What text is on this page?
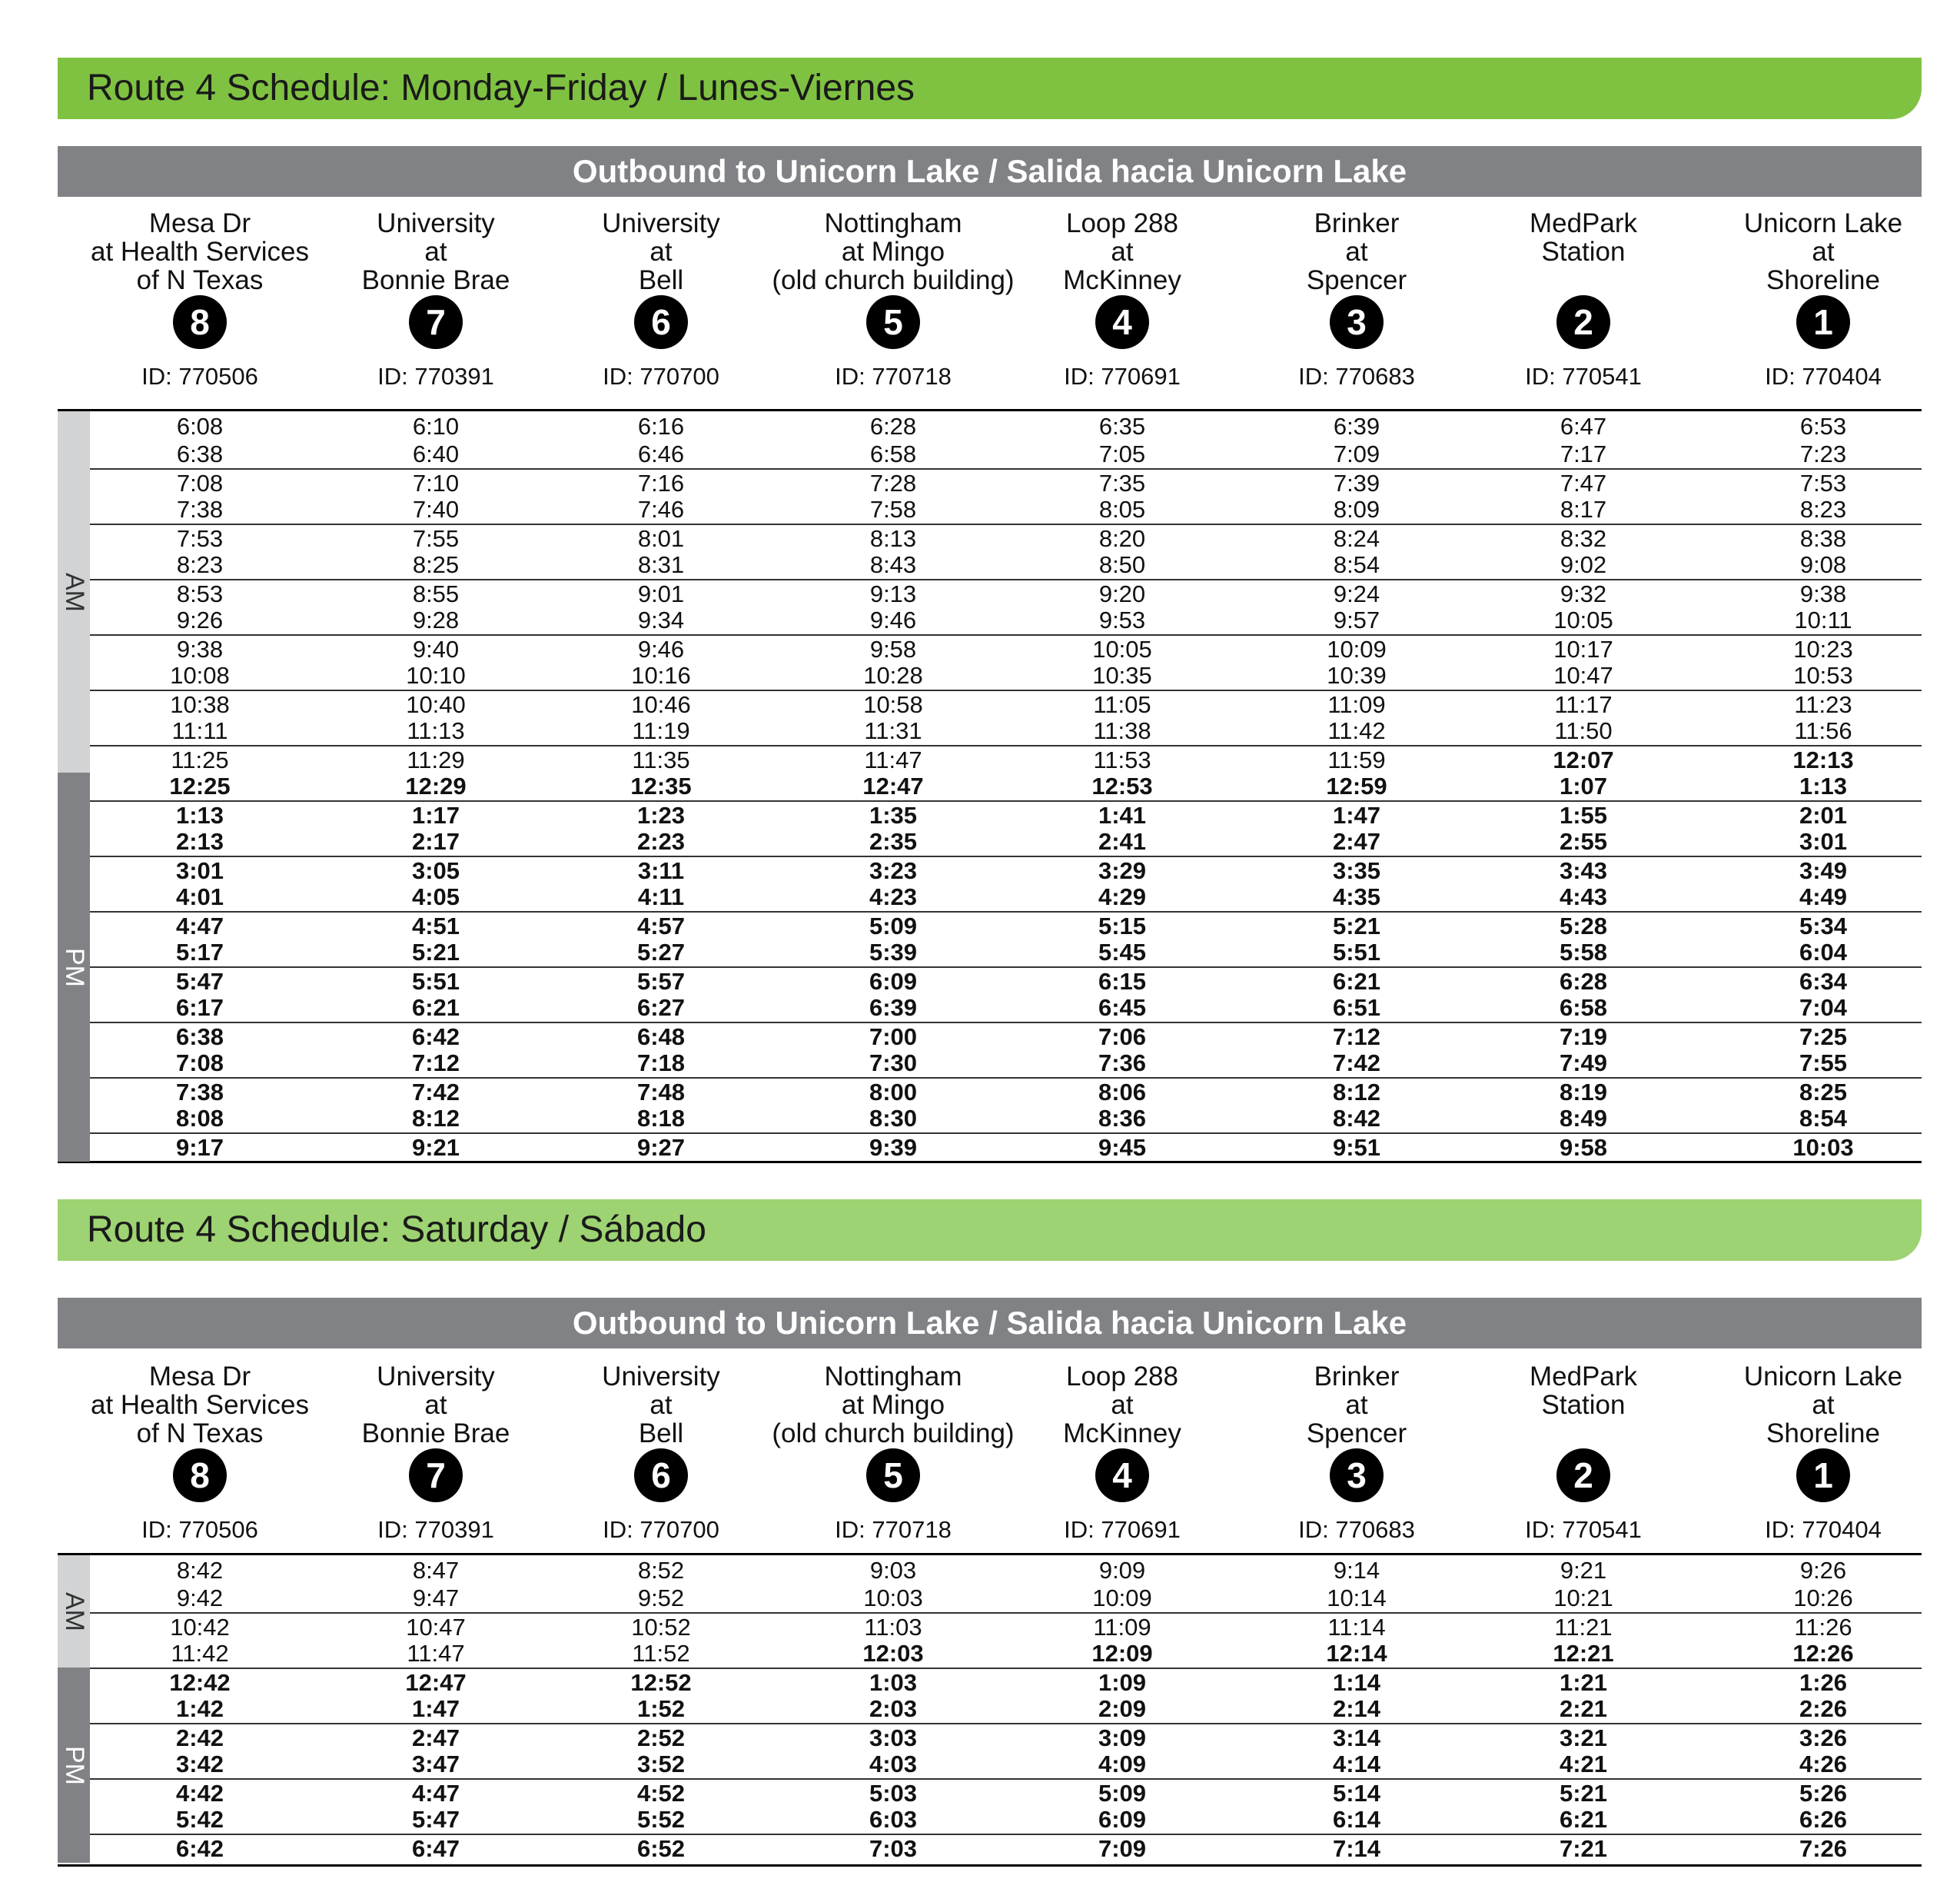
Route 4 Schedule: Monday-Friday / Lunes-Viernes
Outbound to Unicorn Lake / Salida hacia Unicorn Lake
Mesa Dr
at Health Services
of N Texas
8
ID: 770506
University
at
Bonnie Brae
7
ID: 770391
University
at
Bell
6
ID: 770700
Nottingham
at Mingo
(old church building)
5
ID: 770718
Loop 288
at
McKinney
4
ID: 770691
Brinker
at
Spencer
3
ID: 770683
MedPark
Station
2
ID: 770541
Unicorn Lake
at
Shoreline
1
ID: 770404
AM
PM
6:08	6:10	6:16	6:28	6:35	6:39	6:47	6:53
6:38	6:40	6:46	6:58	7:05	7:09	7:17	7:23
7:08	7:10	7:16	7:28	7:35	7:39	7:47	7:53
7:38	7:40	7:46	7:58	8:05	8:09	8:17	8:23
7:53	7:55	8:01	8:13	8:20	8:24	8:32	8:38
8:23	8:25	8:31	8:43	8:50	8:54	9:02	9:08
8:53	8:55	9:01	9:13	9:20	9:24	9:32	9:38
9:26	9:28	9:34	9:46	9:53	9:57	10:05	10:11
9:38	9:40	9:46	9:58	10:05	10:09	10:17	10:23
10:08	10:10	10:16	10:28	10:35	10:39	10:47	10:53
10:38	10:40	10:46	10:58	11:05	11:09	11:17	11:23
11:11	11:13	11:19	11:31	11:38	11:42	11:50	11:56
11:25	11:29	11:35	11:47	11:53	11:59	12:07	12:13
12:25	12:29	12:35	12:47	12:53	12:59	1:07	1:13
1:13	1:17	1:23	1:35	1:41	1:47	1:55	2:01
2:13	2:17	2:23	2:35	2:41	2:47	2:55	3:01
3:01	3:05	3:11	3:23	3:29	3:35	3:43	3:49
4:01	4:05	4:11	4:23	4:29	4:35	4:43	4:49
4:47	4:51	4:57	5:09	5:15	5:21	5:28	5:34
5:17	5:21	5:27	5:39	5:45	5:51	5:58	6:04
5:47	5:51	5:57	6:09	6:15	6:21	6:28	6:34
6:17	6:21	6:27	6:39	6:45	6:51	6:58	7:04
6:38	6:42	6:48	7:00	7:06	7:12	7:19	7:25
7:08	7:12	7:18	7:30	7:36	7:42	7:49	7:55
7:38	7:42	7:48	8:00	8:06	8:12	8:19	8:25
8:08	8:12	8:18	8:30	8:36	8:42	8:49	8:54
9:17	9:21	9:27	9:39	9:45	9:51	9:58	10:03
Route 4 Schedule: Saturday / Sábado
Outbound to Unicorn Lake / Salida hacia Unicorn Lake
Mesa Dr
at Health Services
of N Texas
8
ID: 770506
University
at
Bonnie Brae
7
ID: 770391
University
at
Bell
6
ID: 770700
Nottingham
at Mingo
(old church building)
5
ID: 770718
Loop 288
at
McKinney
4
ID: 770691
Brinker
at
Spencer
3
ID: 770683
MedPark
Station
2
ID: 770541
Unicorn Lake
at
Shoreline
1
ID: 770404
AM
PM
8:42	8:47	8:52	9:03	9:09	9:14	9:21	9:26
9:42	9:47	9:52	10:03	10:09	10:14	10:21	10:26
10:42	10:47	10:52	11:03	11:09	11:14	11:21	11:26
11:42	11:47	11:52	12:03	12:09	12:14	12:21	12:26
12:42	12:47	12:52	1:03	1:09	1:14	1:21	1:26
1:42	1:47	1:52	2:03	2:09	2:14	2:21	2:26
2:42	2:47	2:52	3:03	3:09	3:14	3:21	3:26
3:42	3:47	3:52	4:03	4:09	4:14	4:21	4:26
4:42	4:47	4:52	5:03	5:09	5:14	5:21	5:26
5:42	5:47	5:52	6:03	6:09	6:14	6:21	6:26
6:42	6:47	6:52	7:03	7:09	7:14	7:21	7:26
